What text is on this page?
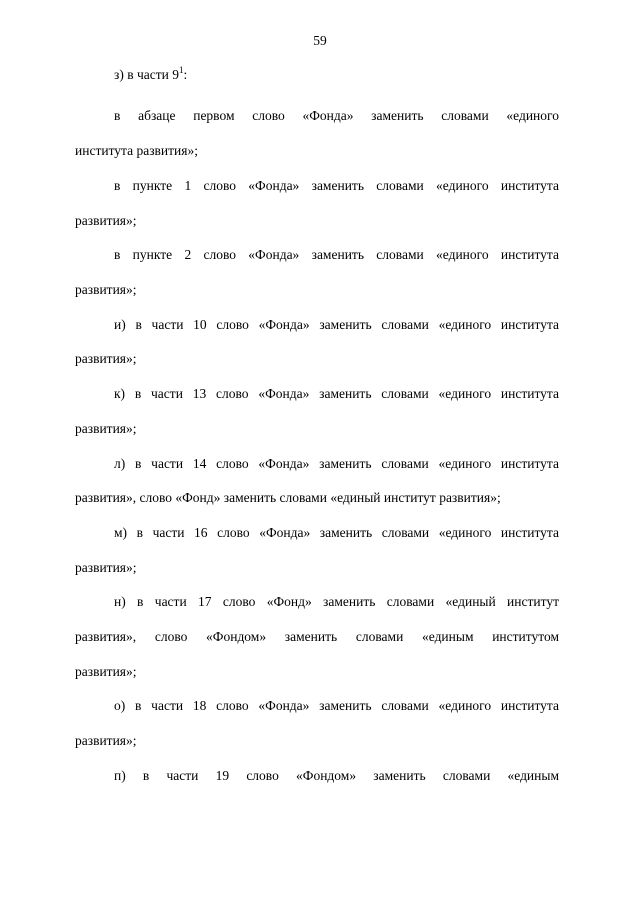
59
з) в части $9^1$:
в абзаце первом слово «Фонда» заменить словами «единого
института развития»;
в пункте 1 слово «Фонда» заменить словами «единого института
развития»;
в пункте 2 слово «Фонда» заменить словами «единого института
развития»;
и) в части 10 слово «Фонда» заменить словами «единого института
развития»;
к) в части 13 слово «Фонда» заменить словами «единого института
развития»;
л) в части 14 слово «Фонда» заменить словами «единого института
развития», слово «Фонд» заменить словами «единый институт развития»;
м) в части 16 слово «Фонда» заменить словами «единого института
развития»;
н) в части 17 слово «Фонд» заменить словами «единый институт
развития», слово «Фондом» заменить словами «единым институтом
развития»;
о) в части 18 слово «Фонда» заменить словами «единого института
развития»;
п) в части 19 слово «Фондом» заменить словами «единым
